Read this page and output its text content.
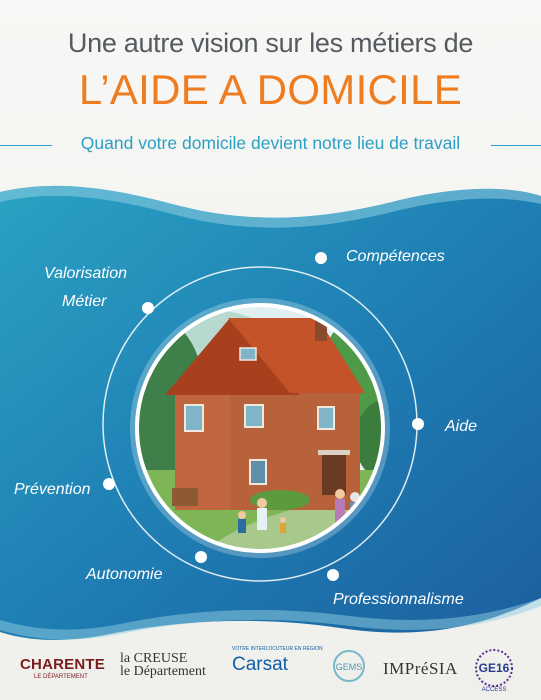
Une autre vision sur les métiers de
L’AIDE A DOMICILE
Quand votre domicile devient notre lieu de travail
Compétences
Valorisation
Métier
Aide
Prévention
Autonomie
Professionnalisme
CHARENTE
LE DÉPARTEMENT
la CREUSE
le Département
VOTRE INTERLOCUTEUR EN RÉGION
Carsat	GEMS IMPréSIA GE16
ACCESS
